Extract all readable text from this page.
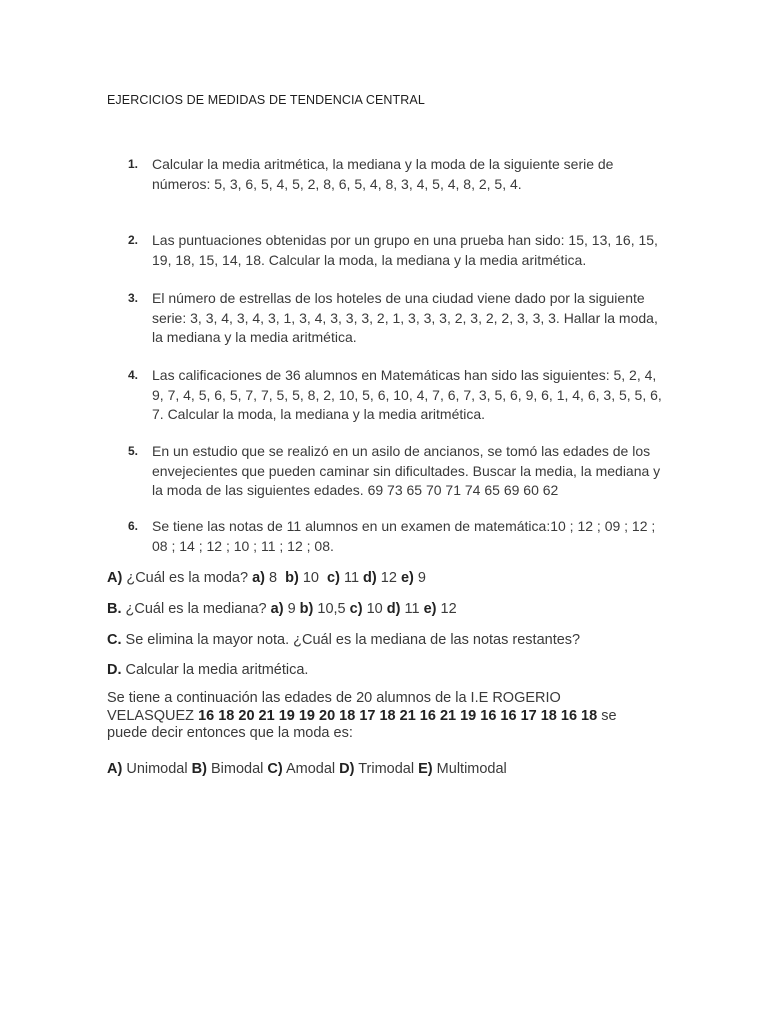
EJERCICIOS DE MEDIDAS DE TENDENCIA CENTRAL
1. Calcular la media aritmética, la mediana y la moda de la siguiente serie de números: 5, 3, 6, 5, 4, 5, 2, 8, 6, 5, 4, 8, 3, 4, 5, 4, 8, 2, 5, 4.
2. Las puntuaciones obtenidas por un grupo en una prueba han sido: 15, 13, 16, 15, 19, 18, 15, 14, 18. Calcular la moda, la mediana y la media aritmética.
3. El número de estrellas de los hoteles de una ciudad viene dado por la siguiente serie: 3, 3, 4, 3, 4, 3, 1, 3, 4, 3, 3, 3, 2, 1, 3, 3, 3, 2, 3, 2, 2, 3, 3, 3. Hallar la moda, la mediana y la media aritmética.
4. Las calificaciones de 36 alumnos en Matemáticas han sido las siguientes: 5, 2, 4, 9, 7, 4, 5, 6, 5, 7, 7, 5, 5, 8, 2, 10, 5, 6, 10, 4, 7, 6, 7, 3, 5, 6, 9, 6, 1, 4, 6, 3, 5, 5, 6, 7. Calcular la moda, la mediana y la media aritmética.
5. En un estudio que se realizó en un asilo de ancianos, se tomó las edades de los envejecientes que pueden caminar sin dificultades. Buscar la media, la mediana y la moda de las siguientes edades. 69 73 65 70 71 74 65 69 60 62
6. Se tiene las notas de 11 alumnos en un examen de matemática:10 ; 12 ; 09 ; 12 ; 08 ; 14 ; 12 ; 10 ; 11 ; 12 ; 08.
A) ¿Cuál es la moda? a) 8 b) 10 c) 11 d) 12 e) 9
B. ¿Cuál es la mediana? a) 9 b) 10,5 c) 10 d) 11 e) 12
C. Se elimina la mayor nota. ¿Cuál es la mediana de las notas restantes?
D. Calcular la media aritmética.
Se tiene a continuación las edades de 20 alumnos de la I.E ROGERIO VELASQUEZ 16 18 20 21 19 19 20 18 17 18 21 16 21 19 16 16 17 18 16 18 se puede decir entonces que la moda es:
A) Unimodal B) Bimodal C) Amodal D) Trimodal E) Multimodal
